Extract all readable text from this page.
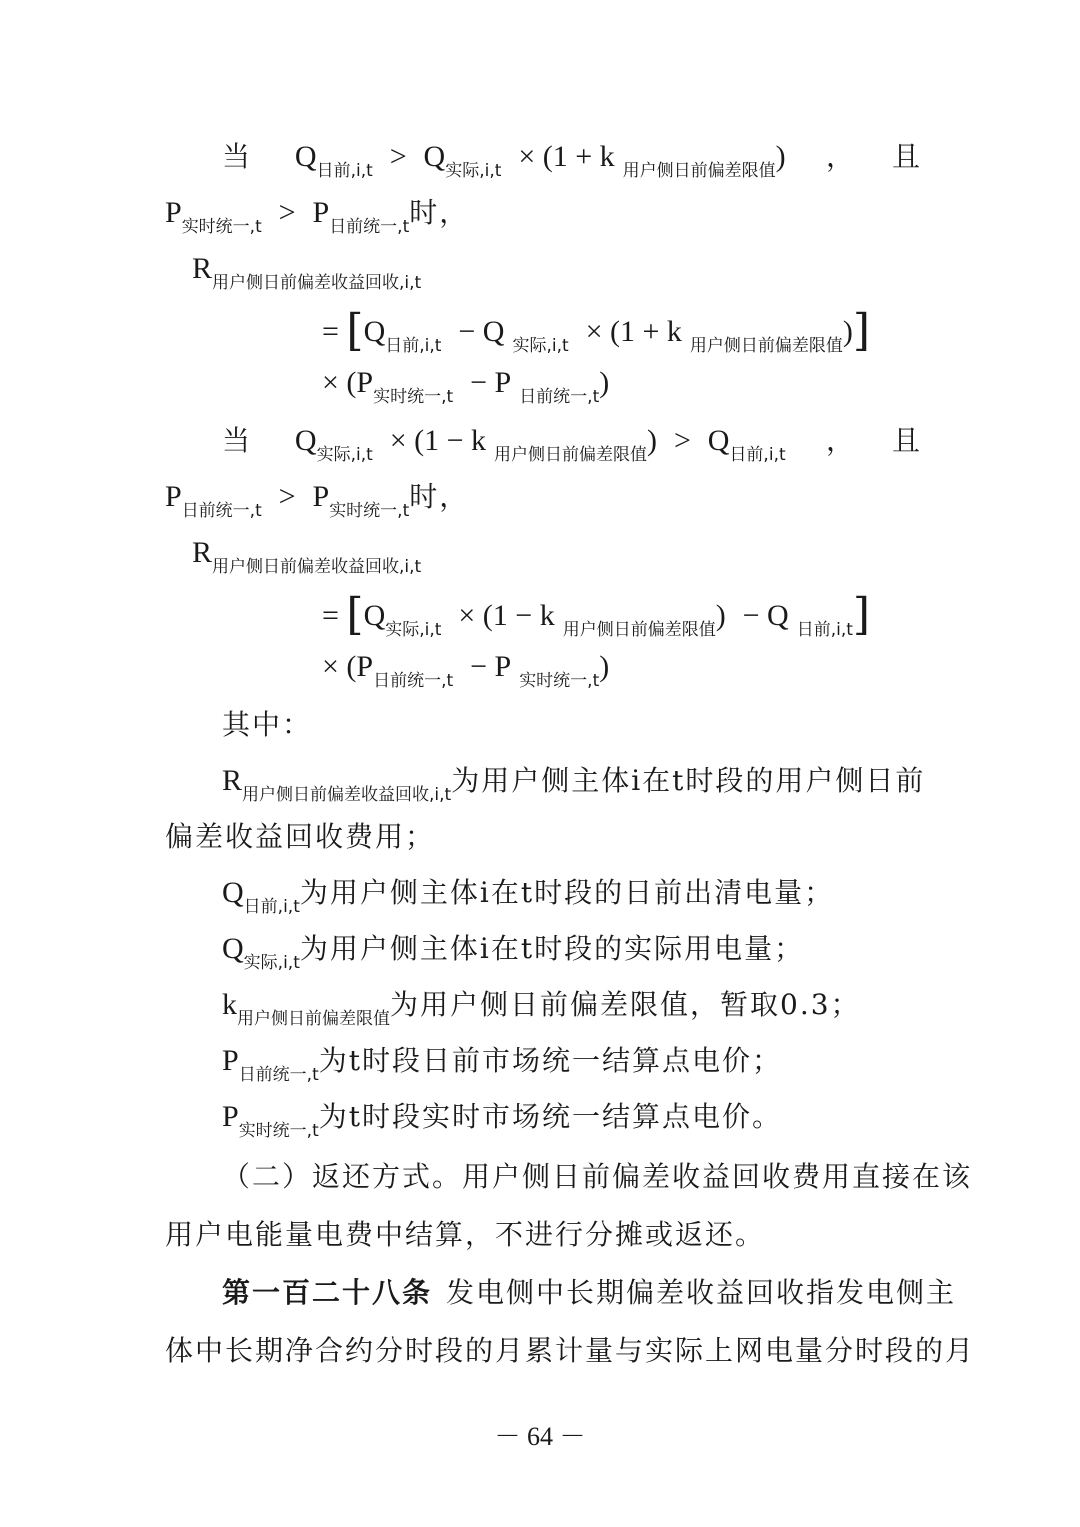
当 $Q_{日前,i,t} > Q_{实际,i,t} \times (1 + k$ $_{用户侧日前偏差限值}$) ， 且
$P_{实时统一,t} > P_{日前统一,t}$时，
$R_{用户侧日前偏差收益回收,i,t}$
= [$Q_{日前,i,t} - Q$ $_{实际,i,t}$ × (1 + k $_{用户侧日前偏差限值}$)]
× ($P_{实时统一,t} - P$ $_{日前统一,t}$)
当 $Q_{实际,i,t} \times (1 - k$ $_{用户侧日前偏差限值}) > Q_{日前,i,t}$ ， 且
$P_{日前统一,t} > P_{实时统一,t}$时，
$R_{用户侧日前偏差收益回收,i,t}$
= [$Q_{实际,i,t} \times (1 - k$ $_{用户侧日前偏差限值}$) − Q $_{日前,i,t}$]
× ($P_{日前统一,t} - P$ $_{实时统一,t}$)
其中：
$R_{用户侧日前偏差收益回收,i,t}$为用户侧主体i在t时段的用户侧日前
偏差收益回收费用；
$Q_{日前,i,t}$为用户侧主体i在t时段的日前出清电量；
$Q_{实际,i,t}$为用户侧主体i在t时段的实际用电量；
$k_{用户侧日前偏差限值}$为用户侧日前偏差限值，暂取0.3；
$P_{日前统一,t}$为t时段日前市场统一结算点电价；
$P_{实时统一,t}$为t时段实时市场统一结算点电价。
（二）返还方式。用户侧日前偏差收益回收费用直接在该
用户电能量电费中结算，不进行分摊或返还。
第一百二十八条 发电侧中长期偏差收益回收指发电侧主
体中长期净合约分时段的月累计量与实际上网电量分时段的月
－ 64 －
